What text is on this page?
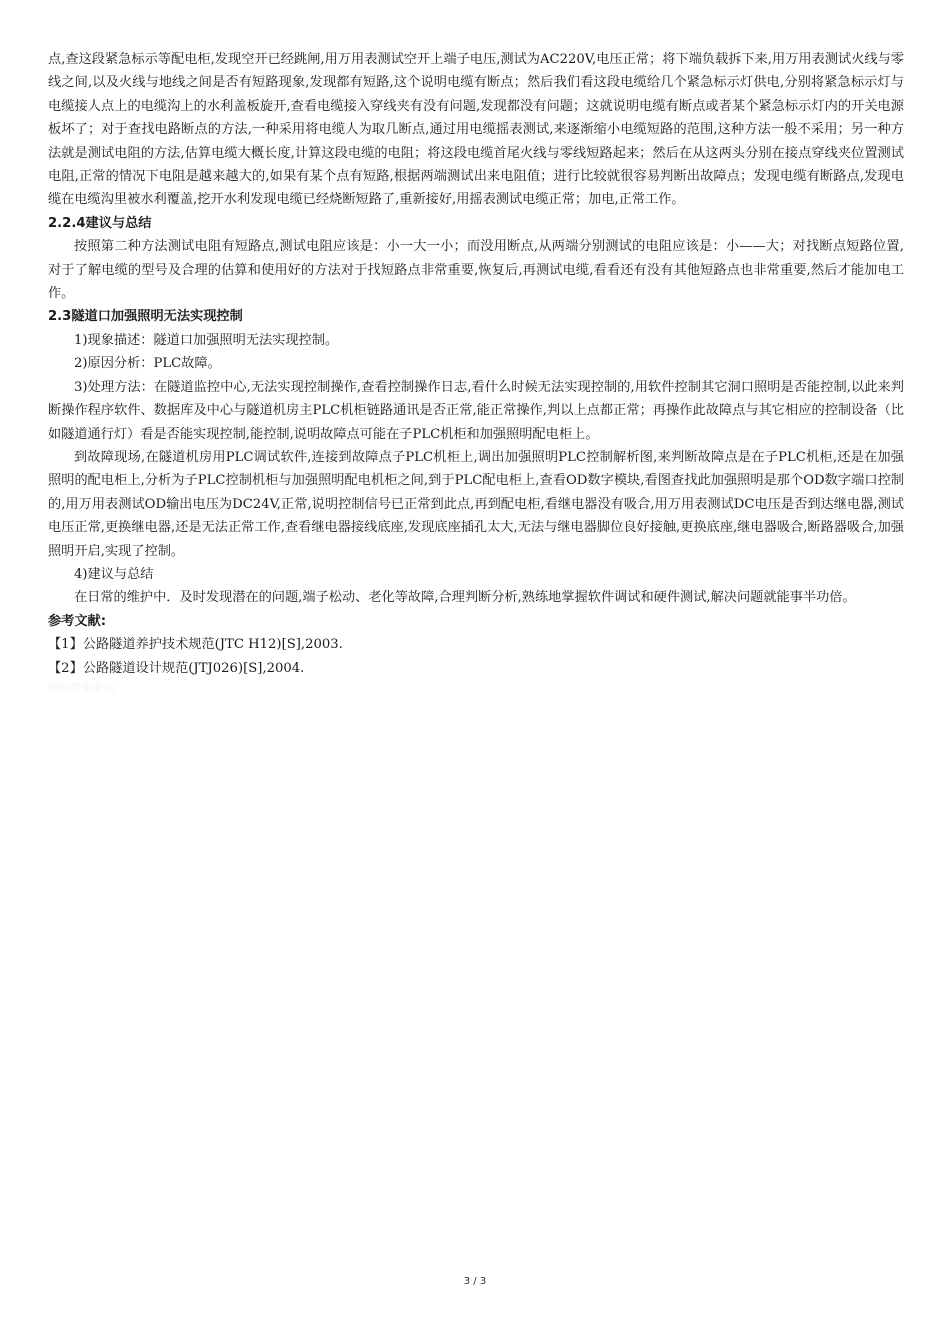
点,查这段紧急标示等配电柜,发现空开已经跳闸,用万用表测试空开上端子电压,测试为AC220V,电压正常；将下端负载拆下来,用万用表测试火线与零线之间,以及火线与地线之间是否有短路现象,发现都有短路,这个说明电缆有断点；然后我们看这段电缆给几个紧急标示灯供电,分别将紧急标示灯与电缆接人点上的电缆沟上的水利盖板旋开,查看电缆接入穿线夹有没有问题,发现都没有问题；这就说明电缆有断点或者某个紧急标示灯内的开关电源板坏了；对于查找电路断点的方法,一种采用将电缆人为取几断点,通过用电缆摇表测试,来逐渐缩小电缆短路的范围,这种方法一般不采用；另一种方法就是测试电阻的方法,估算电缆大概长度,计算这段电缆的电阻；将这段电缆首尾火线与零线短路起来；然后在从这两头分别在接点穿线夹位置测试电阻,正常的情况下电阻是越来越大的,如果有某个点有短路,根据两端测试出来电阻值；进行比较就很容易判断出故障点；发现电缆有断路点,发现电缆在电缆沟里被水利覆盖,挖开水利发现电缆已经烧断短路了,重新接好,用摇表测试电缆正常；加电,正常工作。

2.2.4建议与总结

按照第二种方法测试电阻有短路点,测试电阻应该是：小一大一小；而没用断点,从两端分别测试的电阻应该是：小——大；对找断点短路位置,对于了解电缆的型号及合理的估算和使用好的方法对于找短路点非常重要,恢复后,再测试电缆,看看还有没有其他短路点也非常重要,然后才能加电工作。

2.3隧道口加强照明无法实现控制

1)现象描述：隧道口加强照明无法实现控制。

2)原因分析：PLC故障。

3)处理方法：在隧道监控中心,无法实现控制操作,查看控制操作日志,看什么时候无法实现控制的,用软件控制其它洞口照明是否能控制,以此来判断操作程序软件、数据库及中心与隧道机房主PLC机柜链路通讯是否正常,能正常操作,判以上点都正常；再操作此故障点与其它相应的控制设备（比如隧道通行灯）看是否能实现控制,能控制,说明故障点可能在子PLC机柜和加强照明配电柜上。

到故障现场,在隧道机房用PLC调试软件,连接到故障点子PLC机柜上,调出加强照明PLC控制解析图,来判断故障点是在子PLC机柜,还是在加强照明的配电柜上,分析为子PLC控制机柜与加强照明配电机柜之间,到于PLC配电柜上,查看OD数字模块,看图查找此加强照明是那个OD数字端口控制的,用万用表测试OD输出电压为DC24V,正常,说明控制信号已正常到此点,再到配电柜,看继电器没有吸合,用万用表测试DC电压是否到达继电器,测试电压正常,更换继电器,还是无法正常工作,查看继电器接线底座,发现底座插孔太大,无法与继电器脚位良好接触,更换底座,继电器吸合,断路器吸合,加强照明开启,实现了控制。

4)建议与总结

在日常的维护中．及时发现潜在的问题,端子松动、老化等故障,合理判断分析,熟练地掌握软件调试和硬件测试,解决问题就能事半功倍。

参考文献:

【1】公路隧道养护技术规范(JTC H12)[S],2003.

【2】公路隧道设计规范(JTJ026)[S],2004.

知识改变命运

3 / 3
